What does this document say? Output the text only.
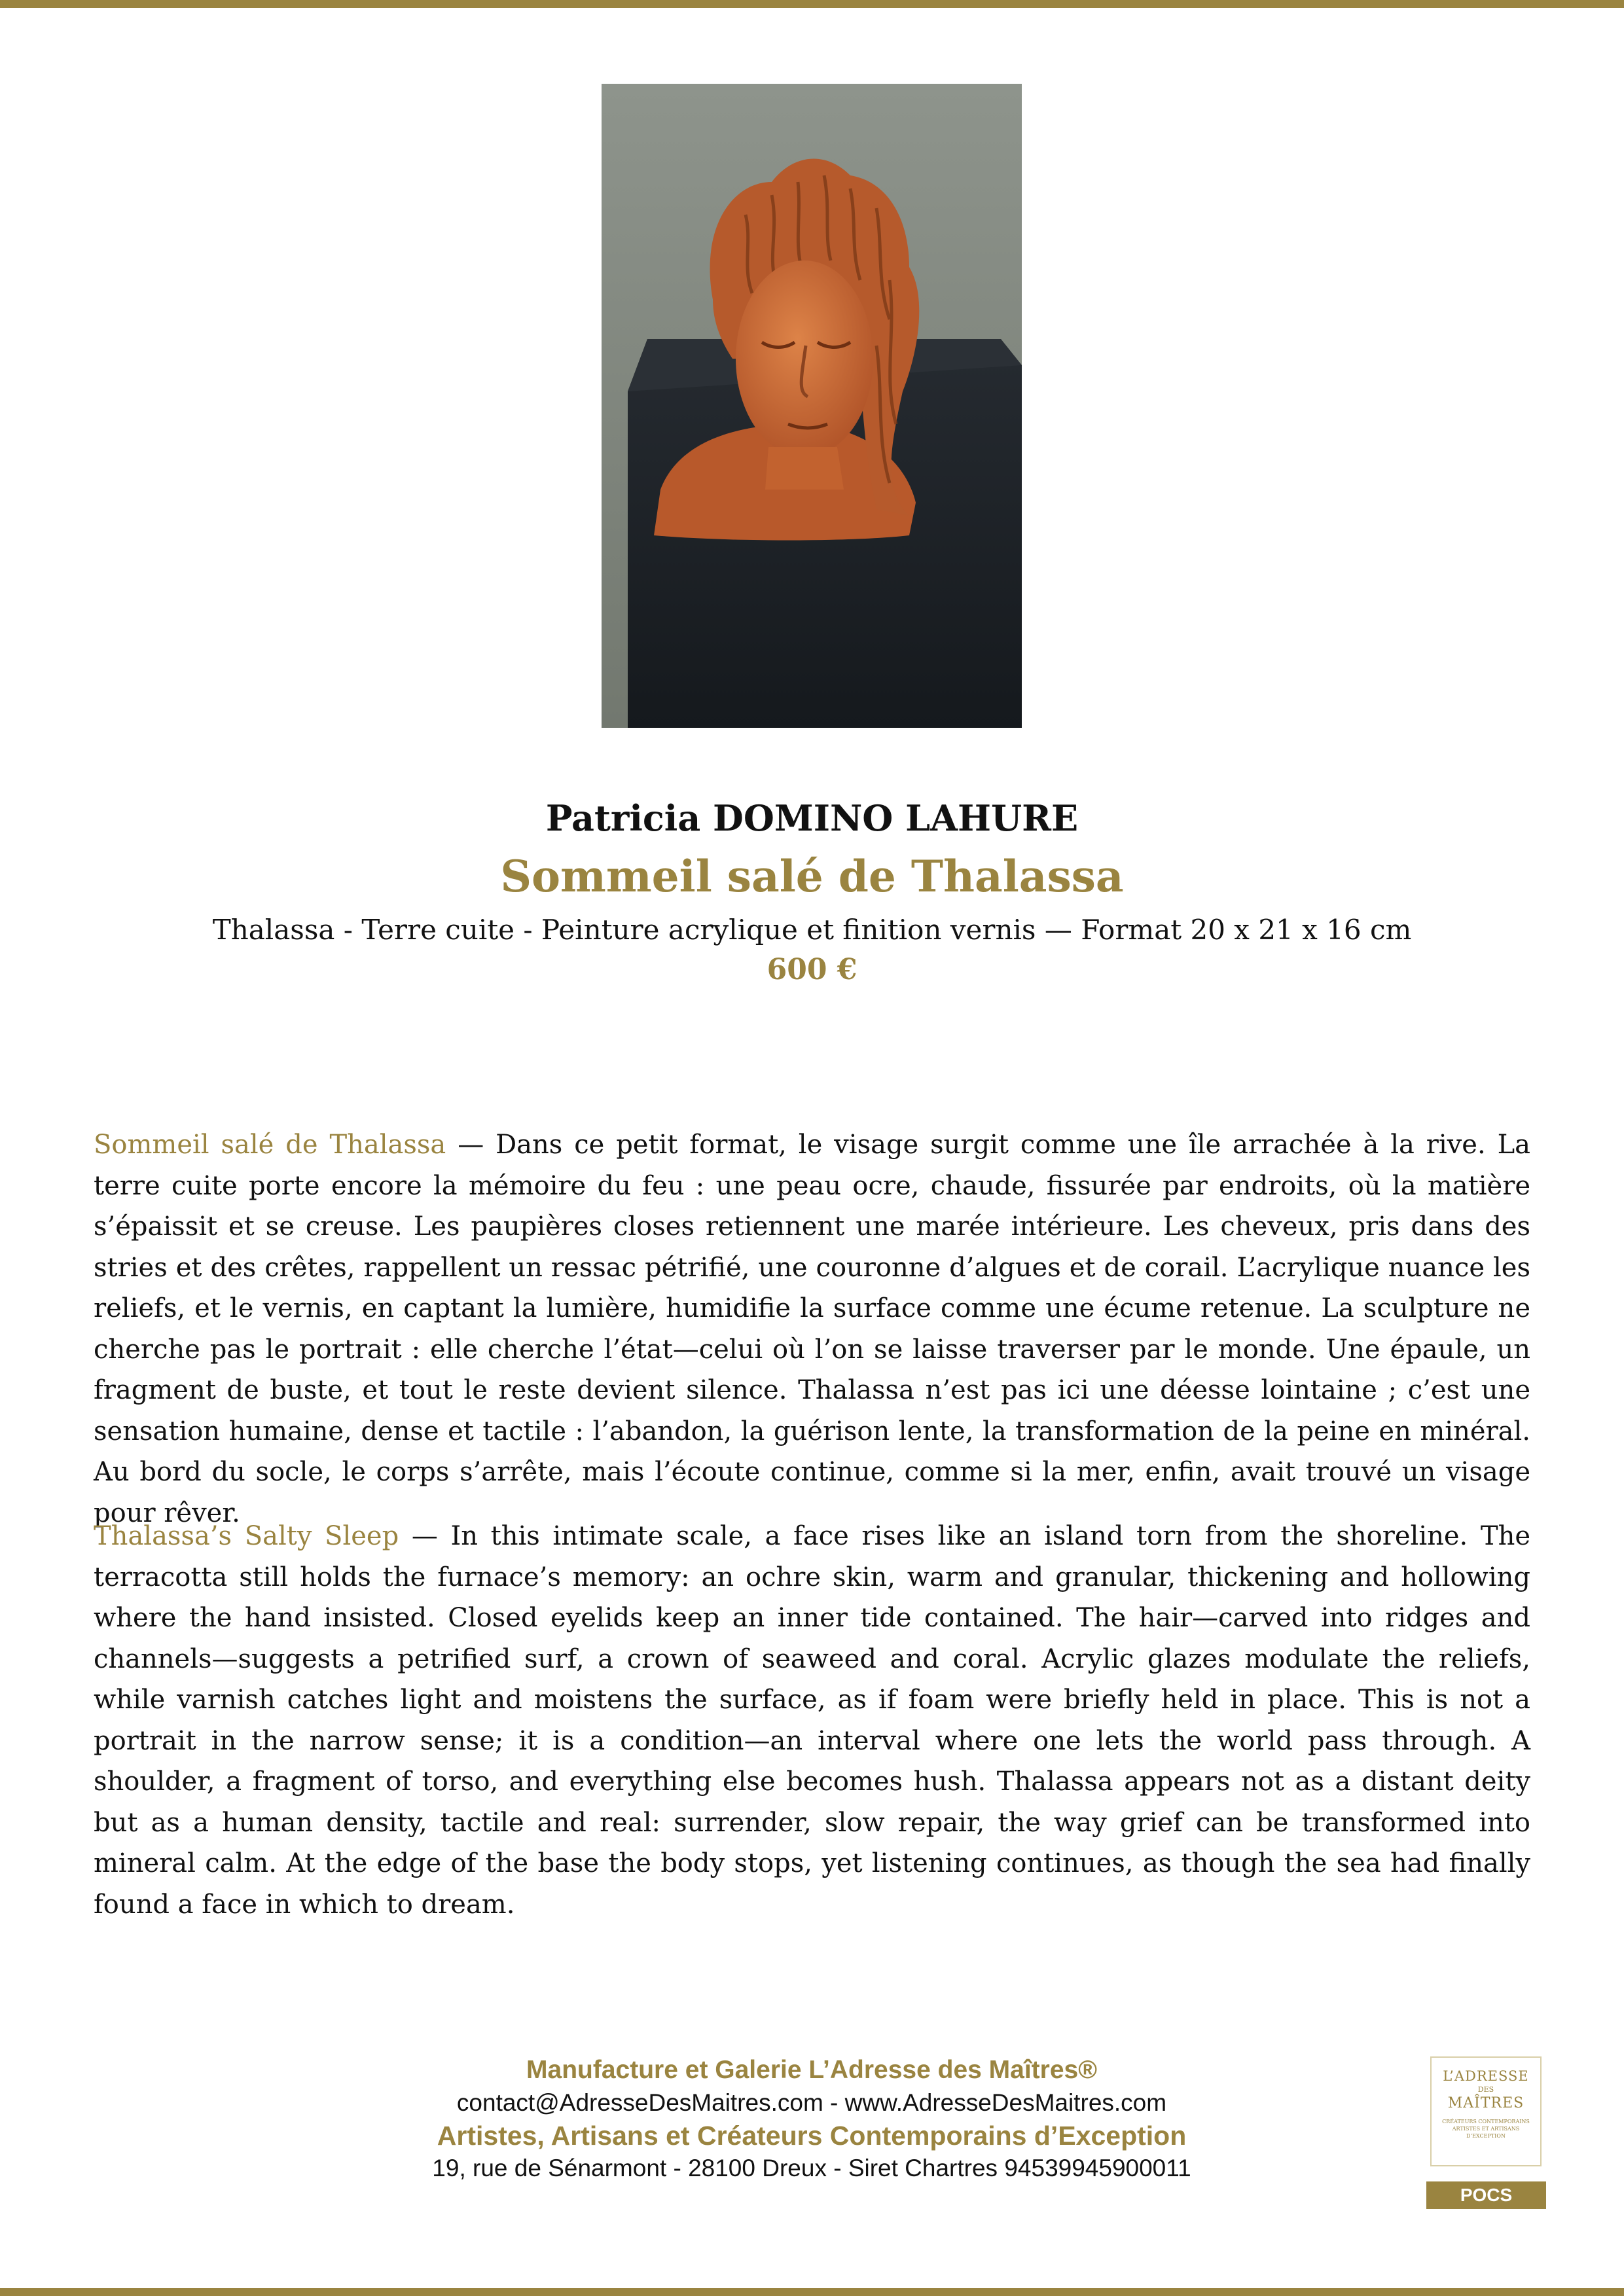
Patricia DOMINO LAHURE
Sommeil salé de Thalassa
Thalassa - Terre cuite - Peinture acrylique et finition vernis — Format 20 x 21 x 16 cm
600 €

Sommeil salé de Thalassa — Dans ce petit format, le visage surgit comme une île arrachée à la rive. La terre cuite porte encore la mémoire du feu : une peau ocre, chaude, fissurée par endroits, où la matière s’épaissit et se creuse. Les paupières closes retiennent une marée intérieure. Les cheveux, pris dans des stries et des crêtes, rappellent un ressac pétrifié, une couronne d’algues et de corail. L’acrylique nuance les reliefs, et le vernis, en captant la lumière, humidifie la surface comme une écume retenue. La sculpture ne cherche pas le portrait : elle cherche l’état—celui où l’on se laisse traverser par le monde. Une épaule, un fragment de buste, et tout le reste devient silence. Thalassa n’est pas ici une déesse lointaine ; c’est une sensation humaine, dense et tactile : l’abandon, la guérison lente, la transformation de la peine en minéral. Au bord du socle, le corps s’arrête, mais l’écoute continue, comme si la mer, enfin, avait trouvé un visage pour rêver.

Thalassa’s Salty Sleep — In this intimate scale, a face rises like an island torn from the shoreline. The terracotta still holds the furnace’s memory: an ochre skin, warm and granular, thickening and hollowing where the hand insisted. Closed eyelids keep an inner tide contained. The hair—carved into ridges and channels—suggests a petrified surf, a crown of seaweed and coral. Acrylic glazes modulate the reliefs, while varnish catches light and moistens the surface, as if foam were briefly held in place. This is not a portrait in the narrow sense; it is a condition—an interval where one lets the world pass through. A shoulder, a fragment of torso, and everything else becomes hush. Thalassa appears not as a distant deity but as a human density, tactile and real: surrender, slow repair, the way grief can be transformed into mineral calm. At the edge of the base the body stops, yet listening continues, as though the sea had finally found a face in which to dream.

Manufacture et Galerie L’Adresse des Maîtres®
contact@AdresseDesMaitres.com - www.AdresseDesMaitres.com
Artistes, Artisans et Créateurs Contemporains d’Exception
19, rue de Sénarmont - 28100 Dreux - Siret Chartres 94539945900011
L’ADRESSE
DES
MAÎTRES
CRÉATEURS CONTEMPORAINS ARTISTES ET ARTISANS D’EXCEPTION
POCS
